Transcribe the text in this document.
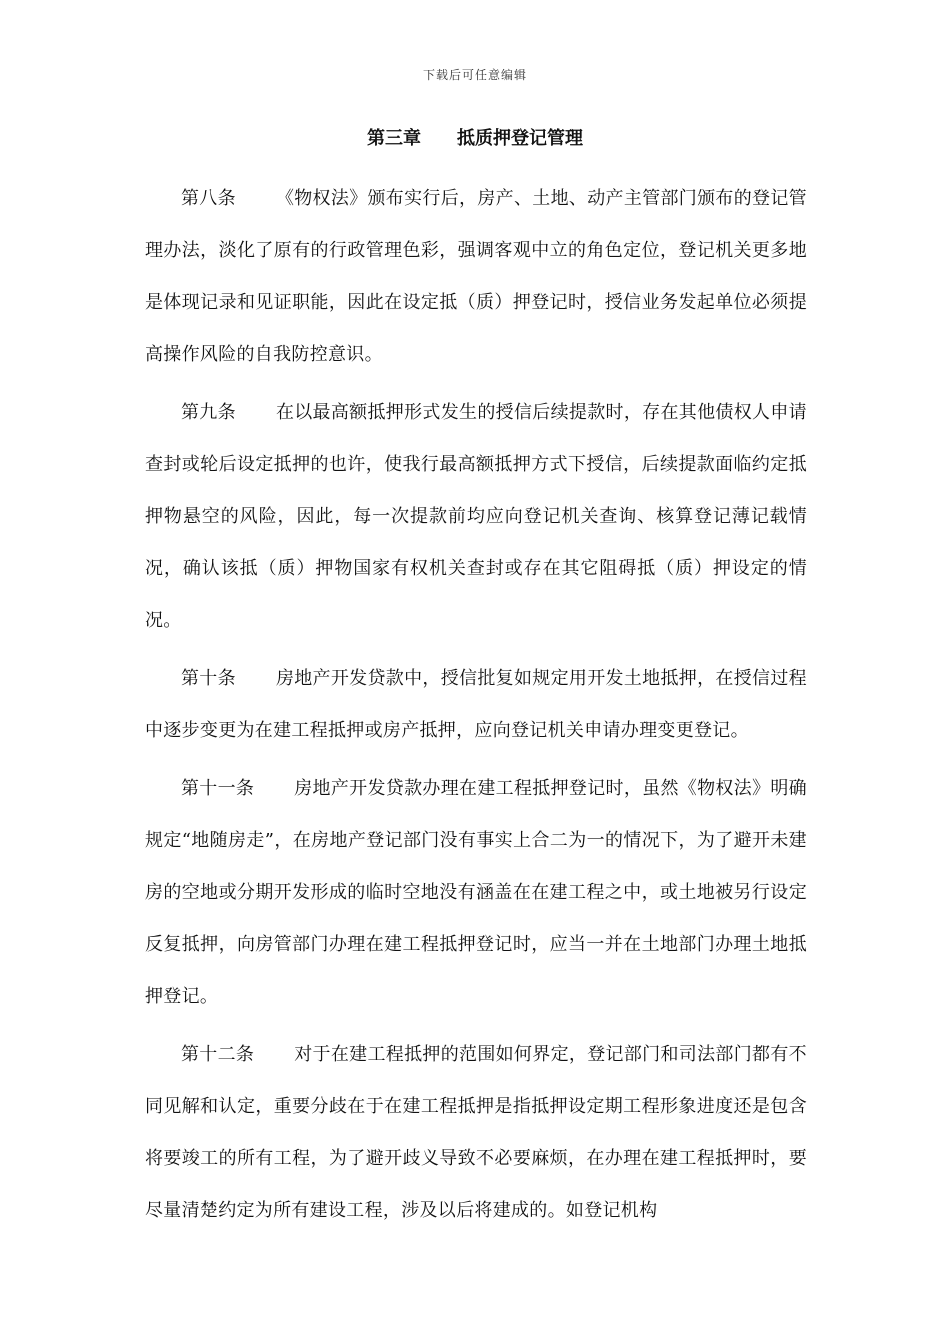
下载后可任意编辑
第三章　　抵质押登记管理

第八条 《物权法》颁布实行后，房产、土地、动产主管部门颁布的登记管理办法，淡化了原有的行政管理色彩，强调客观中立的角色定位，登记机关更多地是体现记录和见证职能，因此在设定抵（质）押登记时，授信业务发起单位必须提高操作风险的自我防控意识。

第九条 在以最高额抵押形式发生的授信后续提款时，存在其他债权人申请查封或轮后设定抵押的也许，使我行最高额抵押方式下授信，后续提款面临约定抵押物悬空的风险，因此，每一次提款前均应向登记机关查询、核算登记薄记载情况，确认该抵（质）押物国家有权机关查封或存在其它阻碍抵（质）押设定的情况。

第十条 房地产开发贷款中，授信批复如规定用开发土地抵押，在授信过程中逐步变更为在建工程抵押或房产抵押，应向登记机关申请办理变更登记。

第十一条 房地产开发贷款办理在建工程抵押登记时，虽然《物权法》明确规定“地随房走”，在房地产登记部门没有事实上合二为一的情况下，为了避开未建房的空地或分期开发形成的临时空地没有涵盖在在建工程之中，或土地被另行设定反复抵押，向房管部门办理在建工程抵押登记时，应当一并在土地部门办理土地抵押登记。

第十二条 对于在建工程抵押的范围如何界定，登记部门和司法部门都有不同见解和认定，重要分歧在于在建工程抵押是指抵押设定期工程形象进度还是包含将要竣工的所有工程，为了避开歧义导致不必要麻烦，在办理在建工程抵押时，要尽量清楚约定为所有建设工程，涉及以后将建成的。如登记机构
